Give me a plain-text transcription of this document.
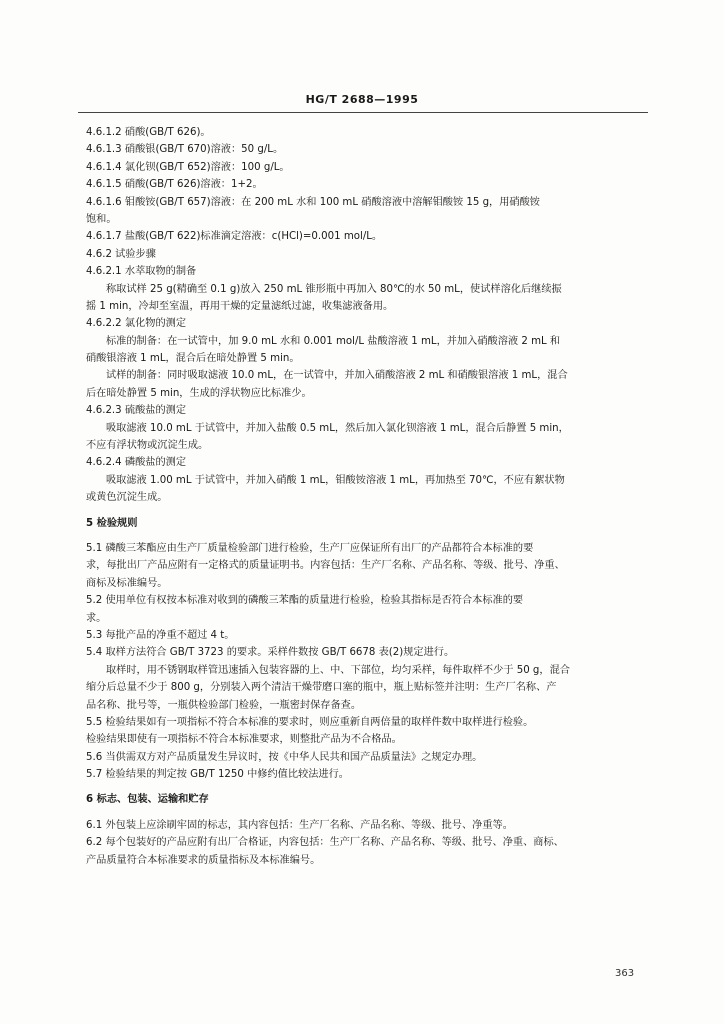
HG/T 2688—1995
4.6.1.2 硝酸(GB/T 626)。
4.6.1.3 硝酸银(GB/T 670)溶液：50 g/L。
4.6.1.4 氯化钡(GB/T 652)溶液：100 g/L。
4.6.1.5 硝酸(GB/T 626)溶液：1+2。
4.6.1.6 钼酸铵(GB/T 657)溶液：在 200 mL 水和 100 mL 硝酸溶液中溶解钼酸铵 15 g，用硝酸铵
饱和。
4.6.1.7 盐酸(GB/T 622)标准滴定溶液：c(HCl)=0.001 mol/L。
4.6.2 试验步骤
4.6.2.1 水萃取物的制备
称取试样 25 g(精确至 0.1 g)放入 250 mL 锥形瓶中再加入 80℃的水 50 mL，使试样溶化后继续振
摇 1 min，冷却至室温，再用干燥的定量滤纸过滤，收集滤液备用。
4.6.2.2 氯化物的测定
标准的制备：在一试管中，加 9.0 mL 水和 0.001 mol/L 盐酸溶液 1 mL，并加入硝酸溶液 2 mL 和
硝酸银溶液 1 mL，混合后在暗处静置 5 min。
试样的制备：同时吸取滤液 10.0 mL，在一试管中，并加入硝酸溶液 2 mL 和硝酸银溶液 1 mL，混合
后在暗处静置 5 min，生成的浮状物应比标准少。
4.6.2.3 硫酸盐的测定
吸取滤液 10.0 mL 于试管中，并加入盐酸 0.5 mL，然后加入氯化钡溶液 1 mL，混合后静置 5 min，
不应有浮状物或沉淀生成。
4.6.2.4 磷酸盐的测定
吸取滤液 1.00 mL 于试管中，并加入硝酸 1 mL，钼酸铵溶液 1 mL，再加热至 70℃，不应有絮状物
或黄色沉淀生成。
5 检验规则
5.1 磷酸三苯酯应由生产厂质量检验部门进行检验，生产厂应保证所有出厂的产品都符合本标准的要
求，每批出厂产品应附有一定格式的质量证明书。内容包括：生产厂名称、产品名称、等级、批号、净重、
商标及标准编号。
5.2 使用单位有权按本标准对收到的磷酸三苯酯的质量进行检验，检验其指标是否符合本标准的要
求。
5.3 每批产品的净重不超过 4 t。
5.4 取样方法符合 GB/T 3723 的要求。采样件数按 GB/T 6678 表(2)规定进行。
取样时，用不锈钢取样管迅速插入包装容器的上、中、下部位，均匀采样，每件取样不少于 50 g，混合
缩分后总量不少于 800 g，分别装入两个清洁干燥带磨口塞的瓶中，瓶上贴标签并注明：生产厂名称、产
品名称、批号等，一瓶供检验部门检验，一瓶密封保存备查。
5.5 检验结果如有一项指标不符合本标准的要求时，则应重新自两倍量的取样件数中取样进行检验。
检验结果即使有一项指标不符合本标准要求，则整批产品为不合格品。
5.6 当供需双方对产品质量发生异议时，按《中华人民共和国产品质量法》之规定办理。
5.7 检验结果的判定按 GB/T 1250 中修约值比较法进行。
6 标志、包装、运输和贮存
6.1 外包装上应涂刷牢固的标志，其内容包括：生产厂名称、产品名称、等级、批号、净重等。
6.2 每个包装好的产品应附有出厂合格证，内容包括：生产厂名称、产品名称、等级、批号、净重、商标、
产品质量符合本标准要求的质量指标及本标准编号。
363
